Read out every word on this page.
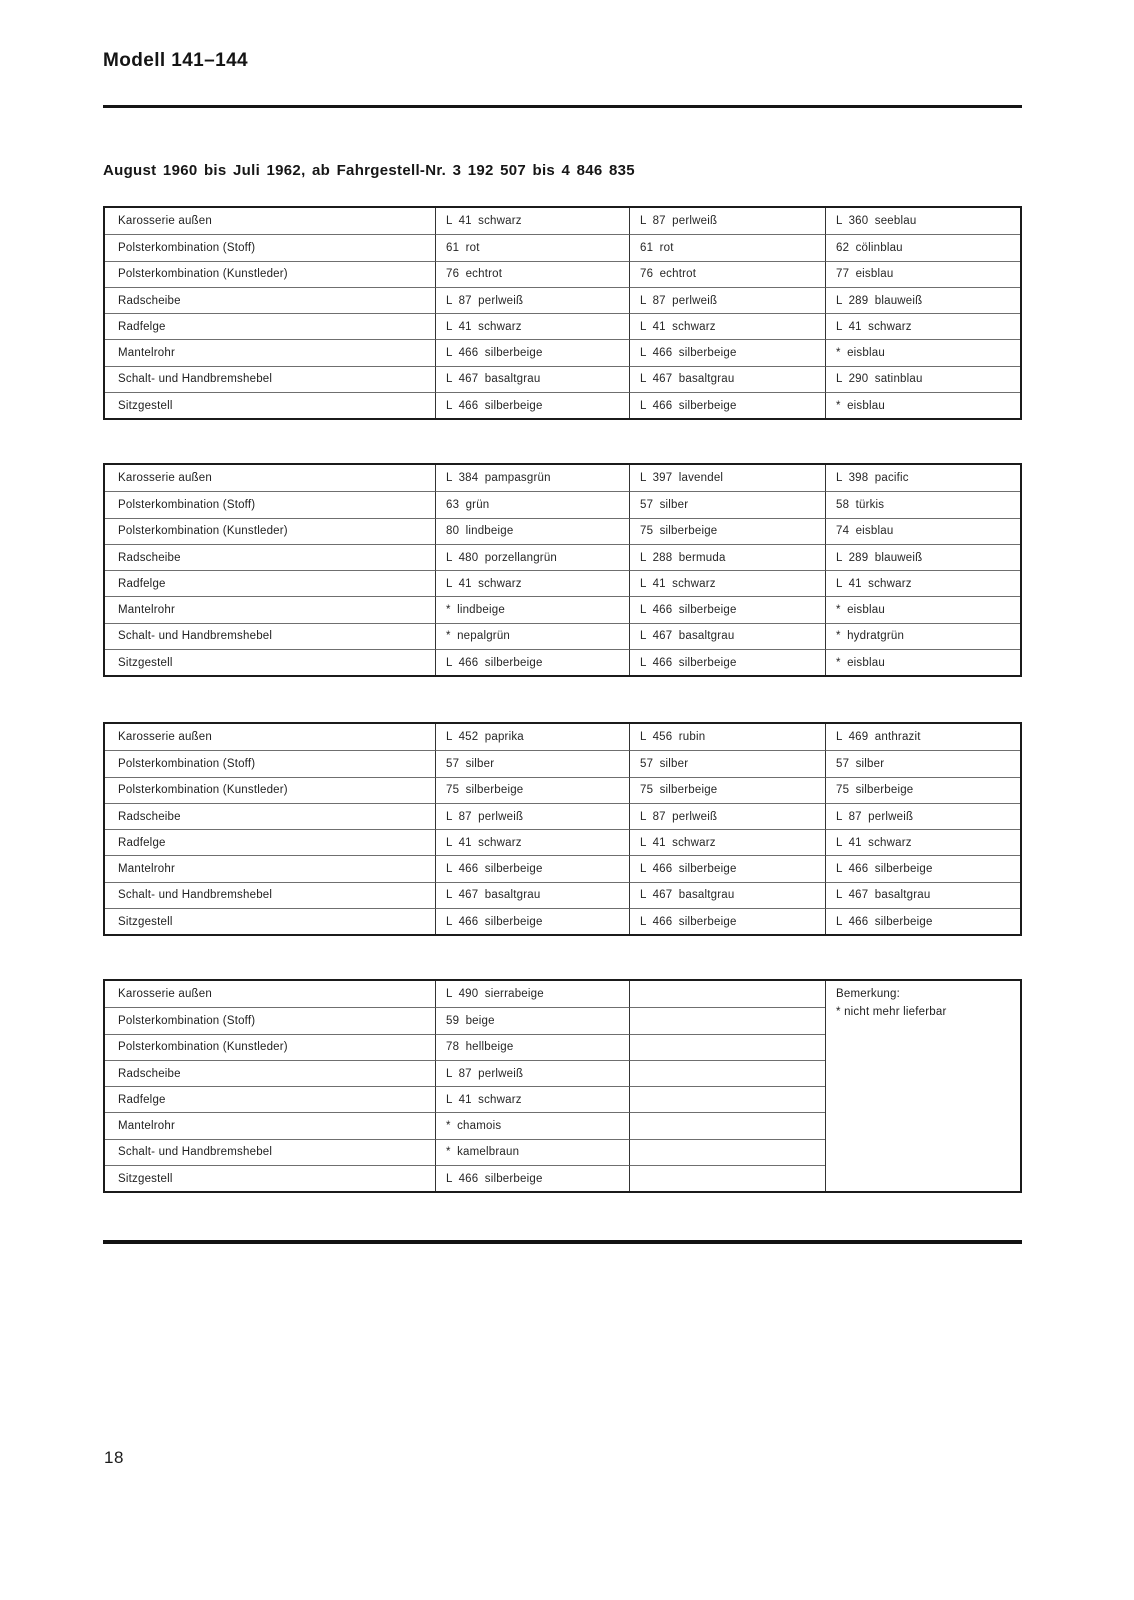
Modell 141–144
August 1960 bis Juli 1962, ab Fahrgestell-Nr. 3 192 507 bis 4 846 835
Karosserie außen	L 41 schwarz	L 87 perlweiß	L 360 seeblau
Polsterkombination (Stoff)	61 rot	61 rot	62 cölinblau
Polsterkombination (Kunstleder)	76 echtrot	76 echtrot	77 eisblau
Radscheibe	L 87 perlweiß	L 87 perlweiß	L 289 blauweiß
Radfelge	L 41 schwarz	L 41 schwarz	L 41 schwarz
Mantelrohr	L 466 silberbeige	L 466 silberbeige	* eisblau
Schalt- und Handbremshebel	L 467 basaltgrau	L 467 basaltgrau	L 290 satinblau
Sitzgestell	L 466 silberbeige	L 466 silberbeige	* eisblau
Karosserie außen	L 384 pampasgrün	L 397 lavendel	L 398 pacific
Polsterkombination (Stoff)	63 grün	57 silber	58 türkis
Polsterkombination (Kunstleder)	80 lindbeige	75 silberbeige	74 eisblau
Radscheibe	L 480 porzellangrün	L 288 bermuda	L 289 blauweiß
Radfelge	L 41 schwarz	L 41 schwarz	L 41 schwarz
Mantelrohr	* lindbeige	L 466 silberbeige	* eisblau
Schalt- und Handbremshebel	* nepalgrün	L 467 basaltgrau	* hydratgrün
Sitzgestell	L 466 silberbeige	L 466 silberbeige	* eisblau
Karosserie außen	L 452 paprika	L 456 rubin	L 469 anthrazit
Polsterkombination (Stoff)	57 silber	57 silber	57 silber
Polsterkombination (Kunstleder)	75 silberbeige	75 silberbeige	75 silberbeige
Radscheibe	L 87 perlweiß	L 87 perlweiß	L 87 perlweiß
Radfelge	L 41 schwarz	L 41 schwarz	L 41 schwarz
Mantelrohr	L 466 silberbeige	L 466 silberbeige	L 466 silberbeige
Schalt- und Handbremshebel	L 467 basaltgrau	L 467 basaltgrau	L 467 basaltgrau
Sitzgestell	L 466 silberbeige	L 466 silberbeige	L 466 silberbeige
Karosserie außen	L 490 sierrabeige
Polsterkombination (Stoff)	59 beige
Polsterkombination (Kunstleder)	78 hellbeige
Radscheibe	L 87 perlweiß
Radfelge	L 41 schwarz
Mantelrohr	* chamois
Schalt- und Handbremshebel	* kamelbraun
Sitzgestell	L 466 silberbeige
Bemerkung:
* nicht mehr lieferbar
18
